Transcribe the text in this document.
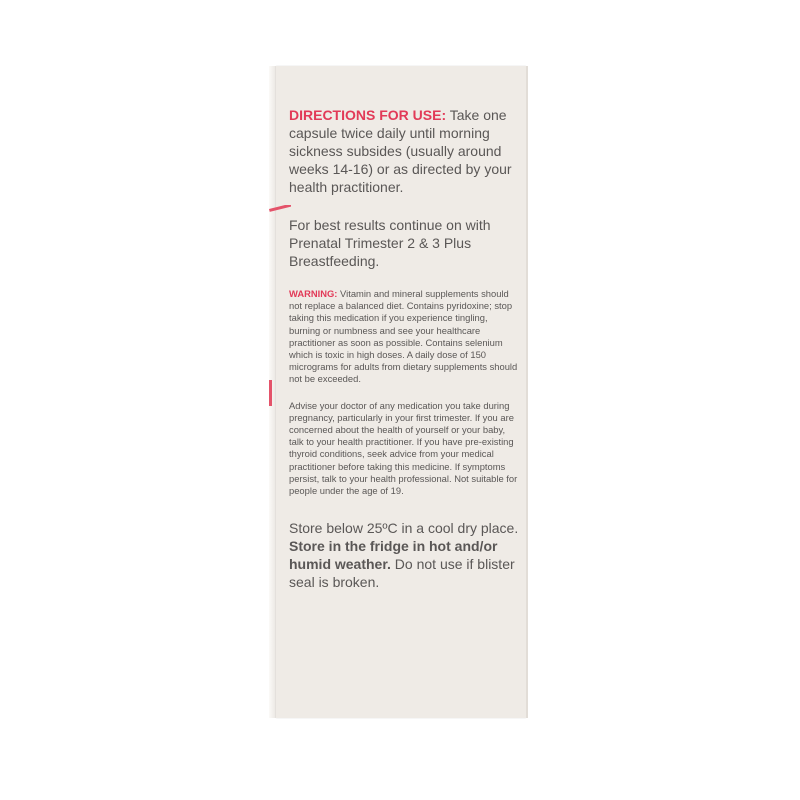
DIRECTIONS FOR USE: Take one capsule twice daily until morning sickness subsides (usually around weeks 14-16) or as directed by your health practitioner.

For best results continue on with Prenatal Trimester 2 & 3 Plus Breastfeeding.

WARNING: Vitamin and mineral supplements should not replace a balanced diet. Contains pyridoxine; stop taking this medication if you experience tingling, burning or numbness and see your healthcare practitioner as soon as possible. Contains selenium which is toxic in high doses. A daily dose of 150 micrograms for adults from dietary supplements should not be exceeded.

Advise your doctor of any medication you take during pregnancy, particularly in your first trimester. If you are concerned about the health of yourself or your baby, talk to your health practitioner. If you have pre-existing thyroid conditions, seek advice from your medical practitioner before taking this medicine. If symptoms persist, talk to your health professional. Not suitable for people under the age of 19.

Store below 25ºC in a cool dry place. Store in the fridge in hot and/or humid weather. Do not use if blister seal is broken.
